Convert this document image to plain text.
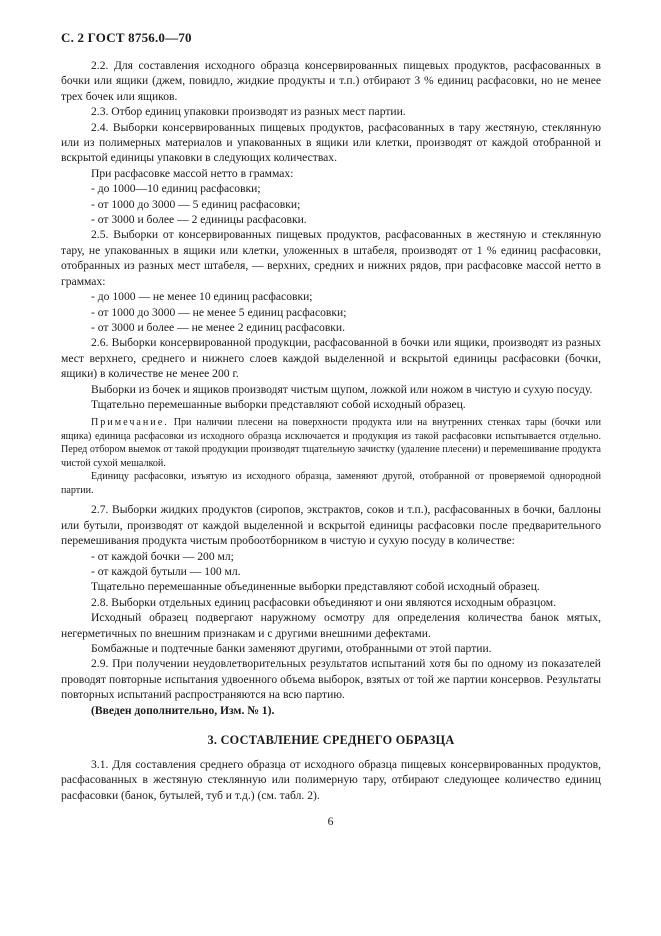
С. 2 ГОСТ 8756.0—70

2.2. Для составления исходного образца консервированных пищевых продуктов, расфасованных в бочки или ящики (джем, повидло, жидкие продукты и т.п.) отбирают 3 % единиц расфасовки, но не менее трех бочек или ящиков.

2.3. Отбор единиц упаковки производят из разных мест партии.

2.4. Выборки консервированных пищевых продуктов, расфасованных в тару жестяную, стеклянную или из полимерных материалов и упакованных в ящики или клетки, производят от каждой отобранной и вскрытой единицы упаковки в следующих количествах.

При расфасовке массой нетто в граммах:

- до 1000—10 единиц расфасовки;

- от 1000 до 3000 — 5 единиц расфасовки;

- от 3000 и более — 2 единицы расфасовки.

2.5. Выборки от консервированных пищевых продуктов, расфасованных в жестяную и стеклянную тару, не упакованных в ящики или клетки, уложенных в штабеля, производят от 1 % единиц расфасовки, отобранных из разных мест штабеля, — верхних, средних и нижних рядов, при расфасовке массой нетто в граммах:

- до 1000 — не менее 10 единиц расфасовки;

- от 1000 до 3000 — не менее 5 единиц расфасовки;

- от 3000 и более — не менее 2 единиц расфасовки.

2.6. Выборки консервированной продукции, расфасованной в бочки или ящики, производят из разных мест верхнего, среднего и нижнего слоев каждой выделенной и вскрытой единицы расфасовки (бочки, ящики) в количестве не менее 200 г.

Выборки из бочек и ящиков производят чистым щупом, ложкой или ножом в чистую и сухую посуду.

Тщательно перемешанные выборки представляют собой исходный образец.

Примечание. При наличии плесени на поверхности продукта или на внутренних стенках тары (бочки или ящика) единица расфасовки из исходного образца исключается и продукция из такой расфасовки испытывается отдельно. Перед отбором выемок от такой продукции производят тщательную зачистку (удаление плесени) и перемешивание продукта чистой сухой мешалкой.

Единицу расфасовки, изъятую из исходного образца, заменяют другой, отобранной от проверяемой однородной партии.

2.7. Выборки жидких продуктов (сиропов, экстрактов, соков и т.п.), расфасованных в бочки, баллоны или бутыли, производят от каждой выделенной и вскрытой единицы расфасовки после предварительного перемешивания продукта чистым пробоотборником в чистую и сухую посуду в количестве:

- от каждой бочки — 200 мл;

- от каждой бутыли — 100 мл.

Тщательно перемешанные объединенные выборки представляют собой исходный образец.

2.8. Выборки отдельных единиц расфасовки объединяют и они являются исходным образцом.

Исходный образец подвергают наружному осмотру для определения количества банок мятых, негерметичных по внешним признакам и с другими внешними дефектами.

Бомбажные и подтечные банки заменяют другими, отобранными от этой партии.

2.9. При получении неудовлетворительных результатов испытаний хотя бы по одному из показателей проводят повторные испытания удвоенного объема выборок, взятых от той же партии консервов. Результаты повторных испытаний распространяются на всю партию.

(Введен дополнительно, Изм. № 1).

3. СОСТАВЛЕНИЕ СРЕДНЕГО ОБРАЗЦА

3.1. Для составления среднего образца от исходного образца пищевых консервированных продуктов, расфасованных в жестяную стеклянную или полимерную тару, отбирают следующее количество единиц расфасовки (банок, бутылей, туб и т.д.) (см. табл. 2).

6
